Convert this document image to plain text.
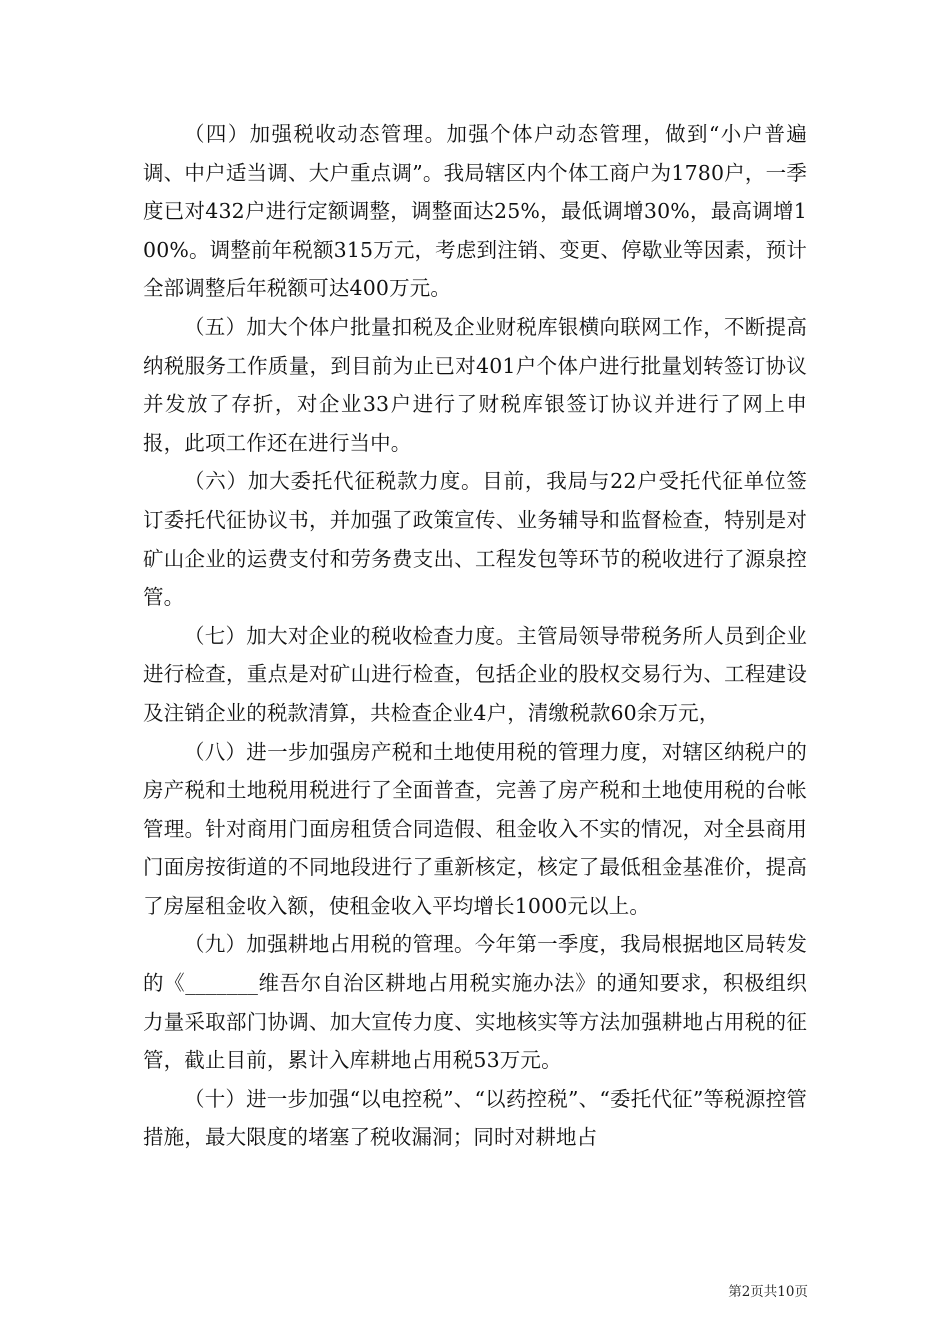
（四）加强税收动态管理。加强个体户动态管理，做到“小户普遍调、中户适当调、大户重点调”。我局辖区内个体工商户为1780户，一季度已对432户进行定额调整，调整面达25%，最低调增30%，最高调增100%。调整前年税额315万元，考虑到注销、变更、停歇业等因素，预计全部调整后年税额可达400万元。

（五）加大个体户批量扣税及企业财税库银横向联网工作，不断提高纳税服务工作质量，到目前为止已对401户个体户进行批量划转签订协议并发放了存折，对企业33户进行了财税库银签订协议并进行了网上申报，此项工作还在进行当中。

（六）加大委托代征税款力度。目前，我局与22户受托代征单位签订委托代征协议书，并加强了政策宣传、业务辅导和监督检查，特别是对矿山企业的运费支付和劳务费支出、工程发包等环节的税收进行了源泉控管。

（七）加大对企业的税收检查力度。主管局领导带税务所人员到企业进行检查，重点是对矿山进行检查，包括企业的股权交易行为、工程建设及注销企业的税款清算，共检查企业4户，清缴税款60余万元，

（八）进一步加强房产税和土地使用税的管理力度，对辖区纳税户的房产税和土地税用税进行了全面普查，完善了房产税和土地使用税的台帐管理。针对商用门面房租赁合同造假、租金收入不实的情况，对全县商用门面房按街道的不同地段进行了重新核定，核定了最低租金基准价，提高了房屋租金收入额，使租金收入平均增长1000元以上。

（九）加强耕地占用税的管理。今年第一季度，我局根据地区局转发的《_______维吾尔自治区耕地占用税实施办法》的通知要求，积极组织力量采取部门协调、加大宣传力度、实地核实等方法加强耕地占用税的征管，截止目前，累计入库耕地占用税53万元。

（十）进一步加强“以电控税”、“以药控税”、“委托代征”等税源控管措施，最大限度的堵塞了税收漏洞；同时对耕地占

第2页共10页
